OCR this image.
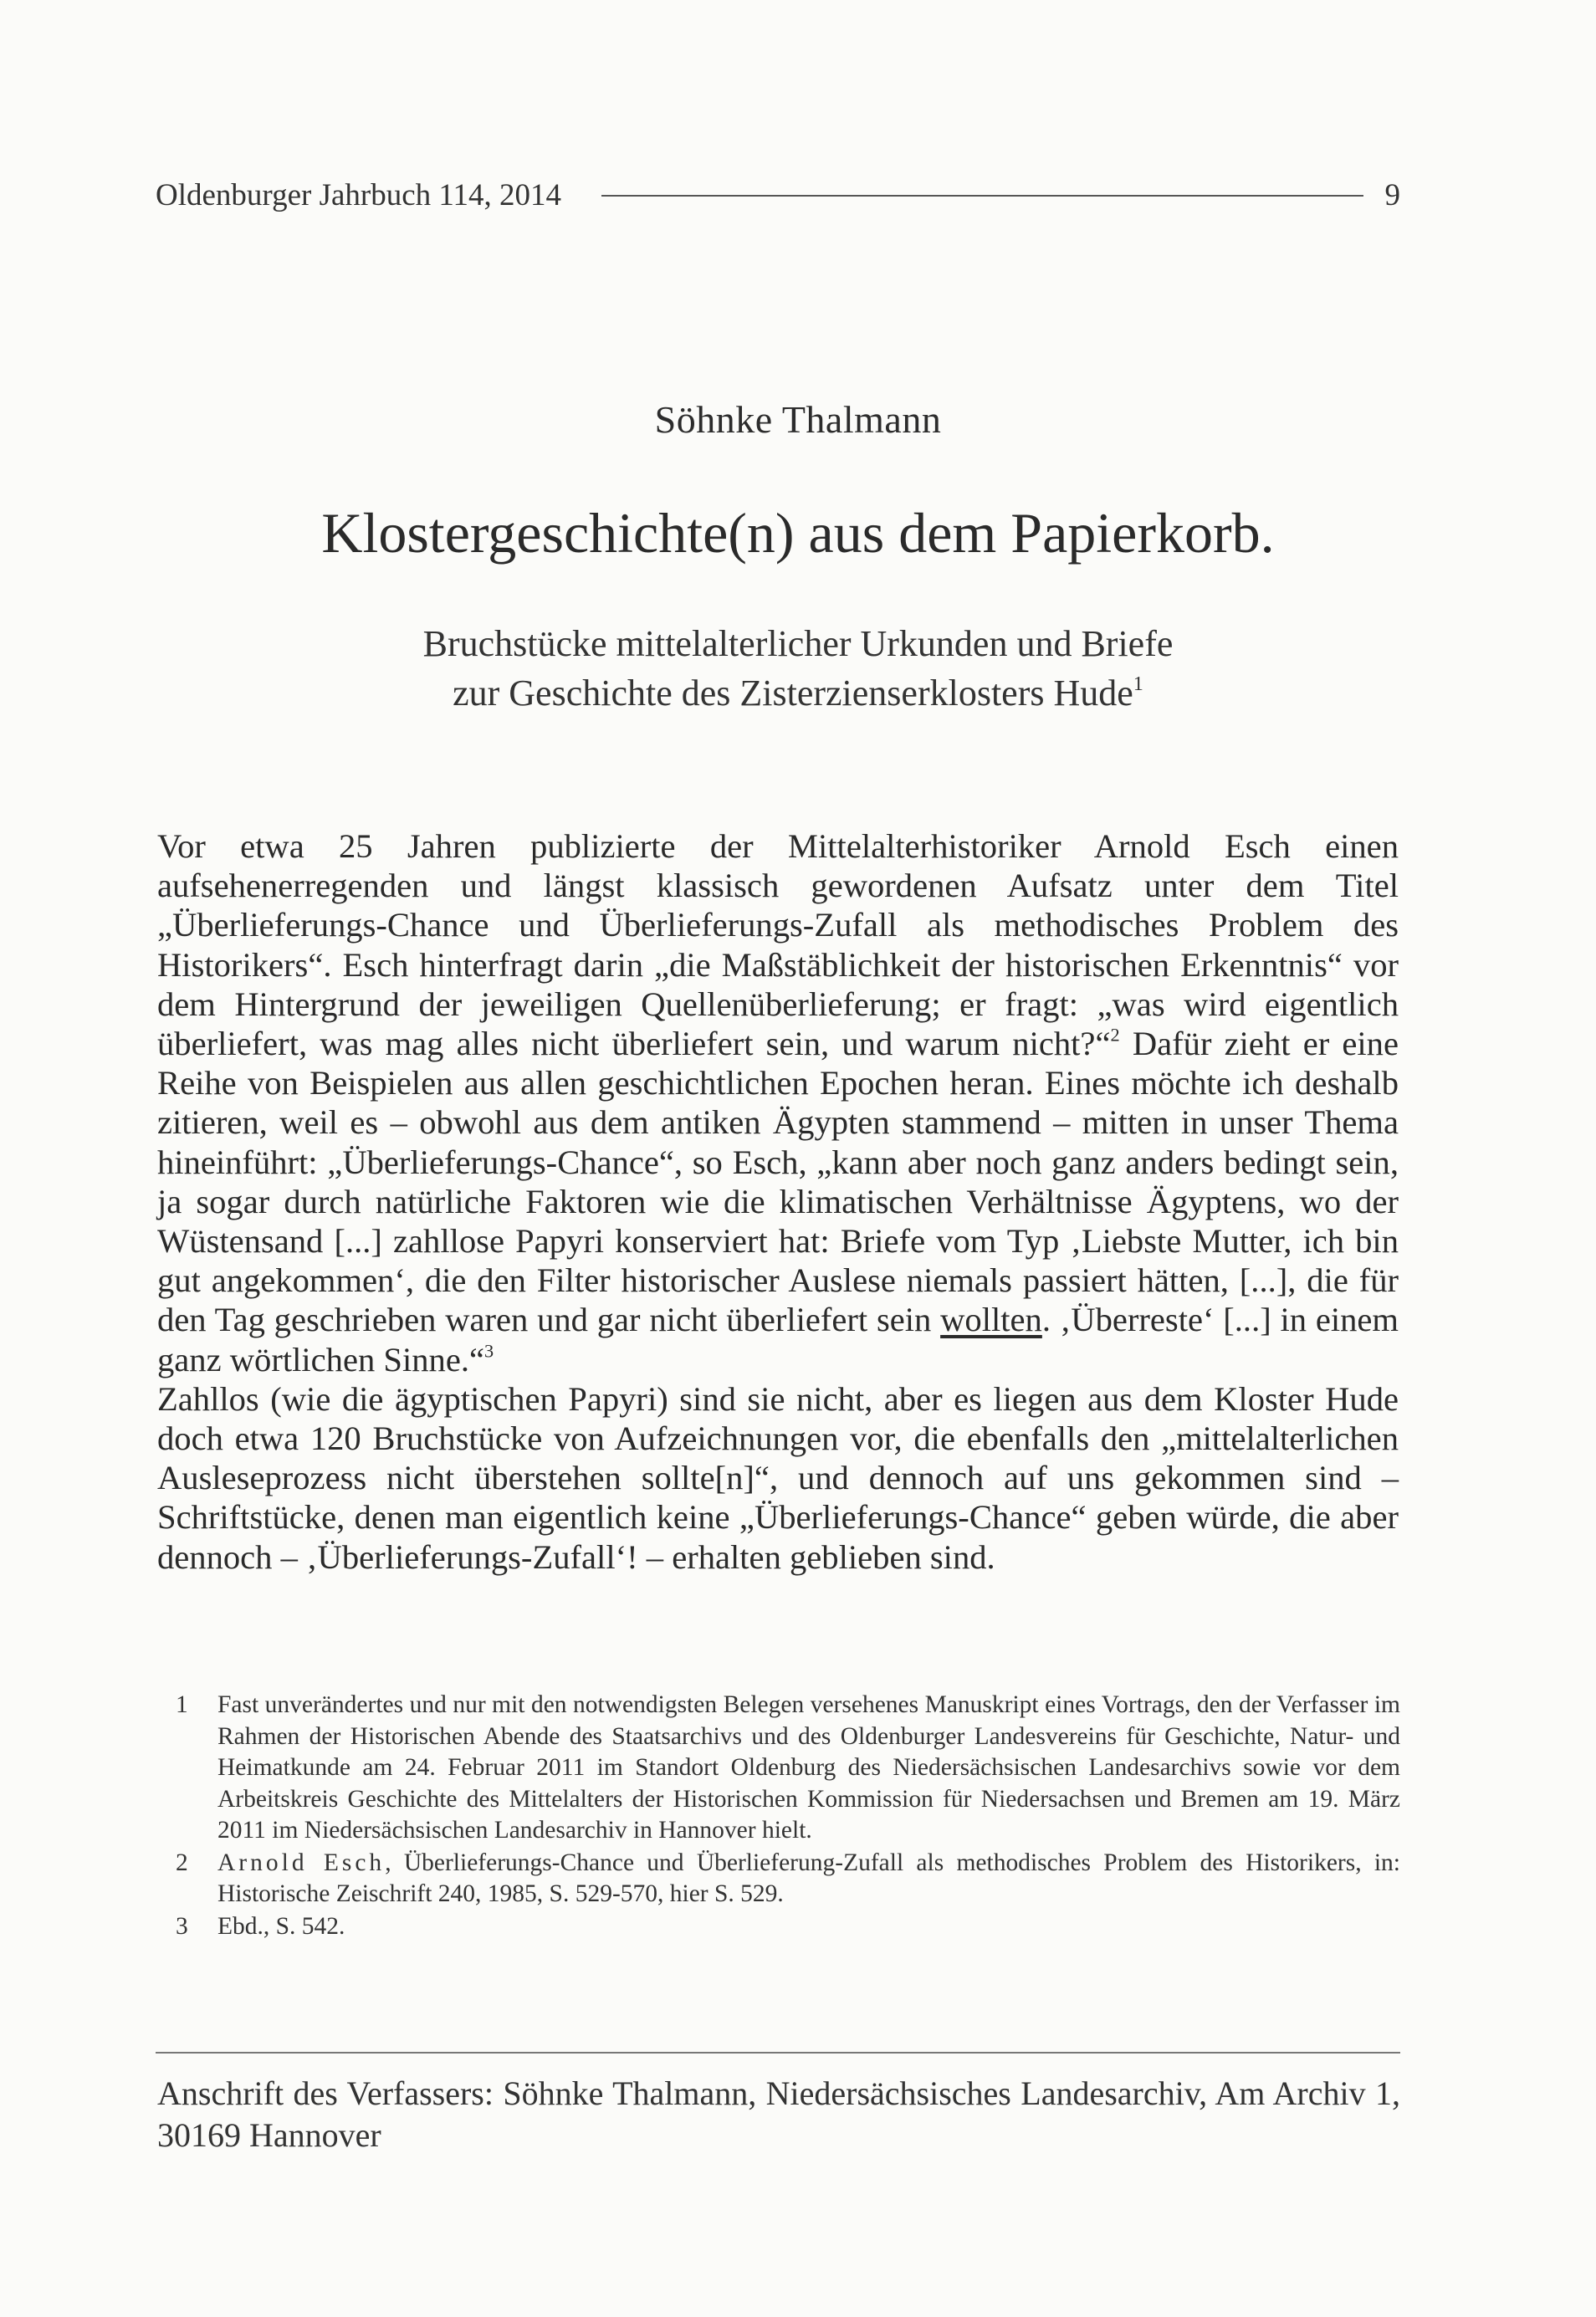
Oldenburger Jahrbuch 114, 2014	9
Söhnke Thalmann
Klostergeschichte(n) aus dem Papierkorb.
Bruchstücke mittelalterlicher Urkunden und Briefe
zur Geschichte des Zisterzienserklosters Hude$^1$

Vor etwa 25 Jahren publizierte der Mittelalterhistoriker Arnold Esch einen aufsehenerregenden und längst klassisch gewordenen Aufsatz unter dem Titel „Überlieferungs-Chance und Überlieferungs-Zufall als methodisches Problem des Historikers“. Esch hinterfragt darin „die Maßstäblichkeit der historischen Erkenntnis“ vor dem Hintergrund der jeweiligen Quellenüberlieferung; er fragt: „was wird eigentlich überliefert, was mag alles nicht überliefert sein, und warum nicht?“$^2$ Dafür zieht er eine Reihe von Beispielen aus allen geschichtlichen Epochen heran. Eines möchte ich deshalb zitieren, weil es – obwohl aus dem antiken Ägypten stammend – mitten in unser Thema hineinführt: „Überlieferungs-Chance“, so Esch, „kann aber noch ganz anders bedingt sein, ja sogar durch natürliche Faktoren wie die klimatischen Verhältnisse Ägyptens, wo der Wüstensand [...] zahllose Papyri konserviert hat: Briefe vom Typ ‚Liebste Mutter, ich bin gut angekommen‘, die den Filter historischer Auslese niemals passiert hätten, [...], die für den Tag geschrieben waren und gar nicht überliefert sein wollten. ‚Überreste‘ [...] in einem ganz wörtlichen Sinne.“$^3$

Zahllos (wie die ägyptischen Papyri) sind sie nicht, aber es liegen aus dem Kloster Hude doch etwa 120 Bruchstücke von Aufzeichnungen vor, die ebenfalls den „mittelalterlichen Ausleseprozess nicht überstehen sollte[n]“, und dennoch auf uns gekommen sind – Schriftstücke, denen man eigentlich keine „Überlieferungs-Chance“ geben würde, die aber dennoch – ‚Überlieferungs-Zufall‘! – erhalten geblieben sind.

1	Fast unverändertes und nur mit den notwendigsten Belegen versehenes Manuskript eines Vortrags, den der Verfasser im Rahmen der Historischen Abende des Staatsarchivs und des Oldenburger Landesvereins für Geschichte, Natur- und Heimatkunde am 24. Februar 2011 im Standort Oldenburg des Niedersächsischen Landesarchivs sowie vor dem Arbeitskreis Geschichte des Mittelalters der Historischen Kommission für Niedersachsen und Bremen am 19. März 2011 im Niedersächsischen Landesarchiv in Hannover hielt.
2	Arnold Esch, Überlieferungs-Chance und Überlieferung-Zufall als methodisches Problem des Historikers, in: Historische Zeischrift 240, 1985, S. 529-570, hier S. 529.
3	Ebd., S. 542.
Anschrift des Verfassers: Söhnke Thalmann, Niedersächsisches Landesarchiv, Am Archiv 1, 30169 Hannover
